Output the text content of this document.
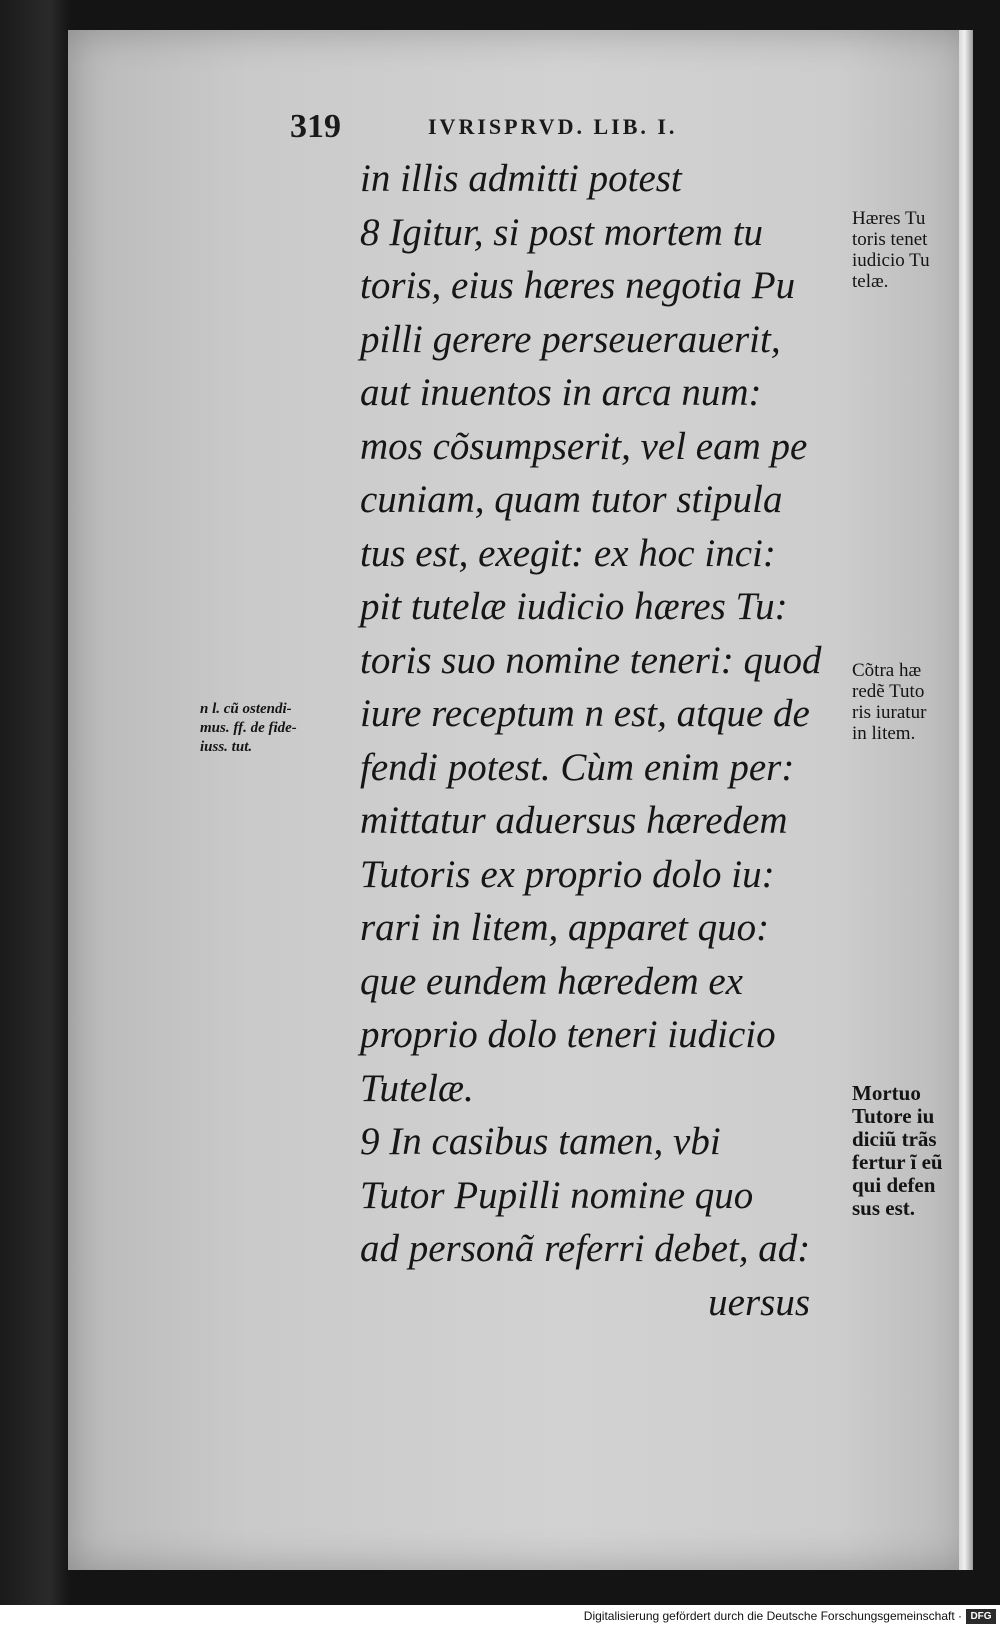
319	IVRISPRVD. LIB. I.
in illis admitti potest
8 Igitur, si post mortem tu
toris, eius hæres negotia Pu
pilli gerere perseuerauerit,
aut inuentos in arca num:
mos cõsumpserit, vel eam pe
cuniam, quam tutor stipula
tus est, exegit: ex hoc inci:
pit tutelæ iudicio hæres Tu:
toris suo nomine teneri: quod
iure receptum n est, atque de
fendi potest. Cùm enim per:
mittatur aduersus hæredem
Tutoris ex proprio dolo iu:
rari in litem, apparet quo:
que eundem hæredem ex
proprio dolo teneri iudicio
Tutelæ.
9 In casibus tamen, vbi
Tutor Pupilli nomine quo
ad personã referri debet, ad:
uersus
Hæres Tu
toris tenet
iudicio Tu
telæ.
Cõtra hæ
redẽ Tuto
ris iuratur
in litem.
Mortuo
Tutore iu
diciũ trãs
fertur ĩ eũ
qui defen
sus est.
n l. cũ ostendi-
mus. ff. de fide-
iuss. tut.
Digitalisierung gefördert durch die Deutsche Forschungsgemeinschaft · DFG
